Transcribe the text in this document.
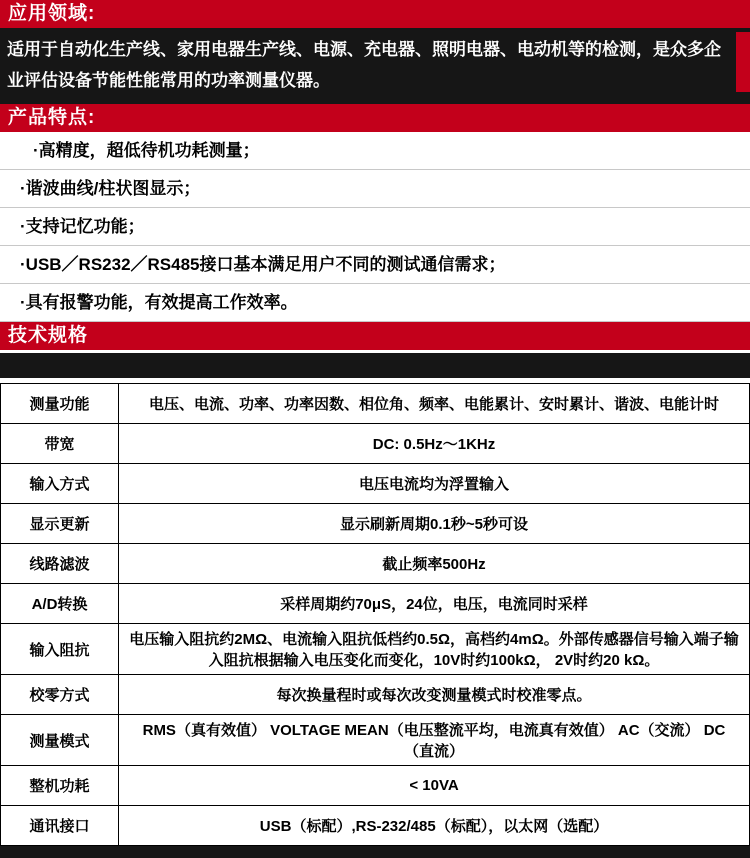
应用领域:
适用于自动化生产线、家用电器生产线、电源、充电器、照明电器、电动机等的检测，是众多企业评估设备节能性能常用的功率测量仪器。
产品特点:
·高精度，超低待机功耗测量；
·谐波曲线/柱状图显示；
·支持记忆功能；
·USB／RS232／RS485接口基本满足用户不同的测试通信需求；
·具有报警功能，有效提高工作效率。
技术规格
测量功能	电压、电流、功率、功率因数、相位角、频率、电能累计、安时累计、谐波、电能计时
带宽	DC: 0.5Hz～1KHz
输入方式	电压电流均为浮置输入
显示更新	显示刷新周期0.1秒~5秒可设
线路滤波	截止频率500Hz
A/D转换	采样周期约70μS，24位，电压，电流同时采样
输入阻抗	电压输入阻抗约2MΩ、电流输入阻抗低档约0.5Ω，高档约4mΩ。外部传感器信号输入端子输入阻抗根据输入电压变化而变化，10V时约100kΩ， 2V时约20 kΩ。
校零方式	每次换量程时或每次改变测量模式时校准零点。
测量模式	RMS（真有效值） VOLTAGE MEAN（电压整流平均，电流真有效值） AC（交流） DC（直流）
整机功耗	< 10VA
通讯接口	USB（标配）,RS-232/485（标配），以太网（选配）
